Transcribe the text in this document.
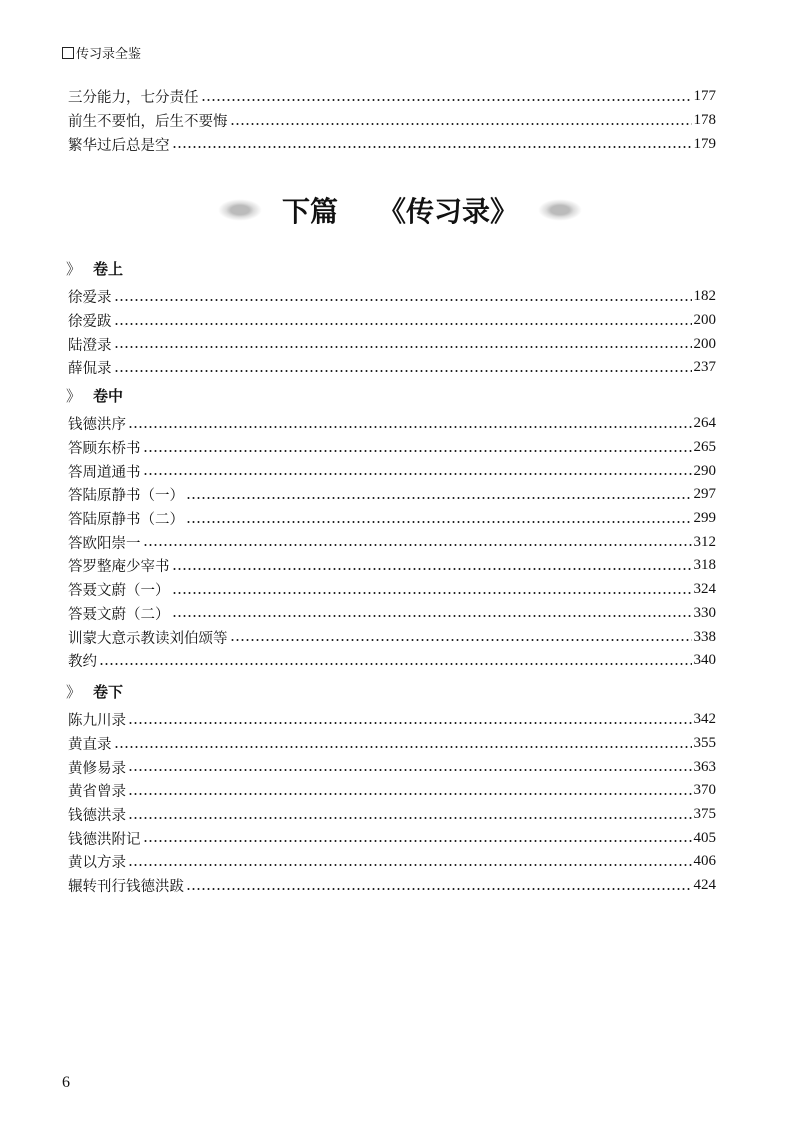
传习录全鉴
三分能力，七分责任	177
前生不要怕，后生不要悔	178
繁华过后总是空	179
下篇 《传习录》
》 卷上
徐爱录	182
徐爱跋	200
陆澄录	200
薛侃录	237
》 卷中
钱德洪序	264
答顾东桥书	265
答周道通书	290
答陆原静书（一）	297
答陆原静书（二）	299
答欧阳崇一	312
答罗整庵少宰书	318
答聂文蔚（一）	324
答聂文蔚（二）	330
训蒙大意示教读刘伯颂等	338
教约	340
》 卷下
陈九川录	342
黄直录	355
黄修易录	363
黄省曾录	370
钱德洪录	375
钱德洪附记	405
黄以方录	406
辗转刊行钱德洪跋	424
6
